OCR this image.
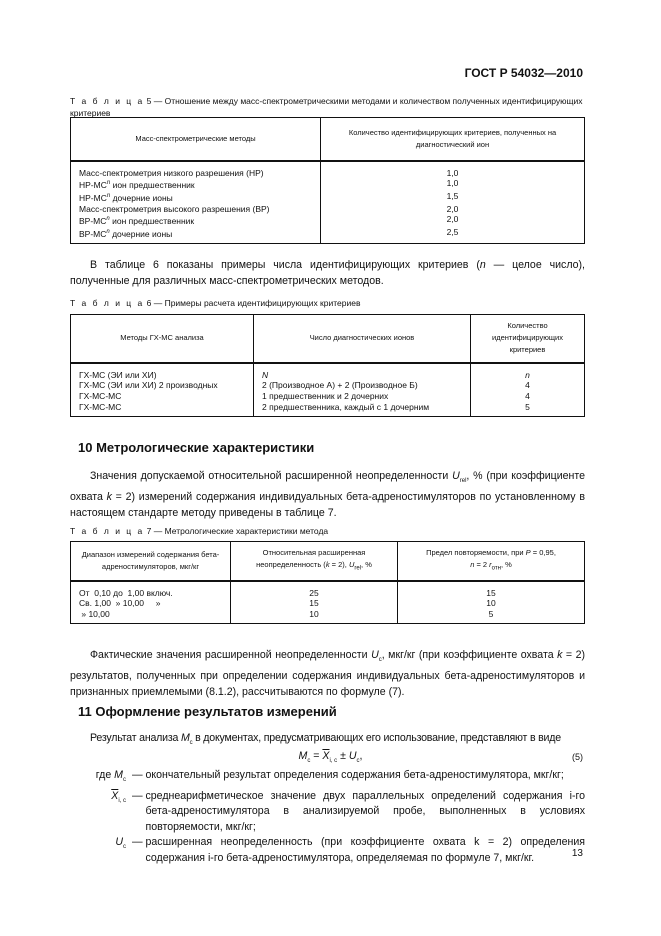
ГОСТ Р 54032—2010
Т а б л и ц а 5 — Отношение между масс-спектрометрическими методами и количеством полученных идентифицирующих критериев
Масс-спектрометрические методы	Количество идентифицирующих критериев, полученных на диагностический ион
Масс-спектрометрия низкого разрешения (НР)	1,0
$НР-МС^n$ ион предшественник	1,0
$НР-МС^n$ дочерние ионы	1,5
Масс-спектрометрия высокого разрешения (ВР)	2,0
$ВР-МС^n$ ион предшественник	2,0
$ВР-МС^n$ дочерние ионы	2,5
В таблице 6 показаны примеры числа идентифицирующих критериев (n — целое число), полученные для различных масс-спектрометрических методов.
Т а б л и ц а 6 — Примеры расчета идентифицирующих критериев
Методы ГХ-МС анализа	Число диагностических ионов	Количество идентифицирующих критериев
ГХ-МС (ЭИ или ХИ)	N	n
ГХ-МС (ЭИ или ХИ) 2 производных	2 (Производное А) + 2 (Производное Б)	4
ГХ-МС-МС	1 предшественник и 2 дочерних	4
ГХ-МС-МС	2 предшественника, каждый с 1 дочерним	5
10 Метрологические характеристики
Значения допускаемой относительной расширенной неопределенности $U_{rel}$, % (при коэффициенте охвата k = 2) измерений содержания индивидуальных бета-адреностимуляторов по установленному в настоящем стандарте методу приведены в таблице 7.
Т а б л и ц а 7 — Метрологические характеристики метода
Диапазон измерений содержания бета-адреностимуляторов, мкг/кг	Относительная расширенная неопределенность (k = 2), $U_{rel}$, %	Предел повторяемости, при P = 0,95,
n = 2 $r_{отн}$, %
От  0,10 до  1,00 включ.	25	15
Св. 1,00  » 10,00     »	15	10
» 10,00	10	5
Фактические значения расширенной неопределенности $U_c$, мкг/кг (при коэффициенте охвата k = 2) результатов, полученных при определении содержания индивидуальных бета-адреностимуляторов и признанных приемлемыми (8.1.2), рассчитываются по формуле (7).
11 Оформление результатов измерений
Результат анализа $M_c$ в документах, предусматривающих его использование, представляют в виде
$M_c = \overline{X}_{i, c} \pm U_c$,	(5)
где $M_c$ — окончательный результат определения содержания бета-адреностимулятора, мкг/кг;
$\overline{X}_{i, c}$ — среднеарифметическое значение двух параллельных определений содержания i-го бета-адреностимулятора в анализируемой пробе, выполненных в условиях повторяемости, мкг/кг;
$U_c$ — расширенная неопределенность (при коэффициенте охвата k = 2) определения содержания i-го бета-адреностимулятора, определяемая по формуле 7, мкг/кг.	13
